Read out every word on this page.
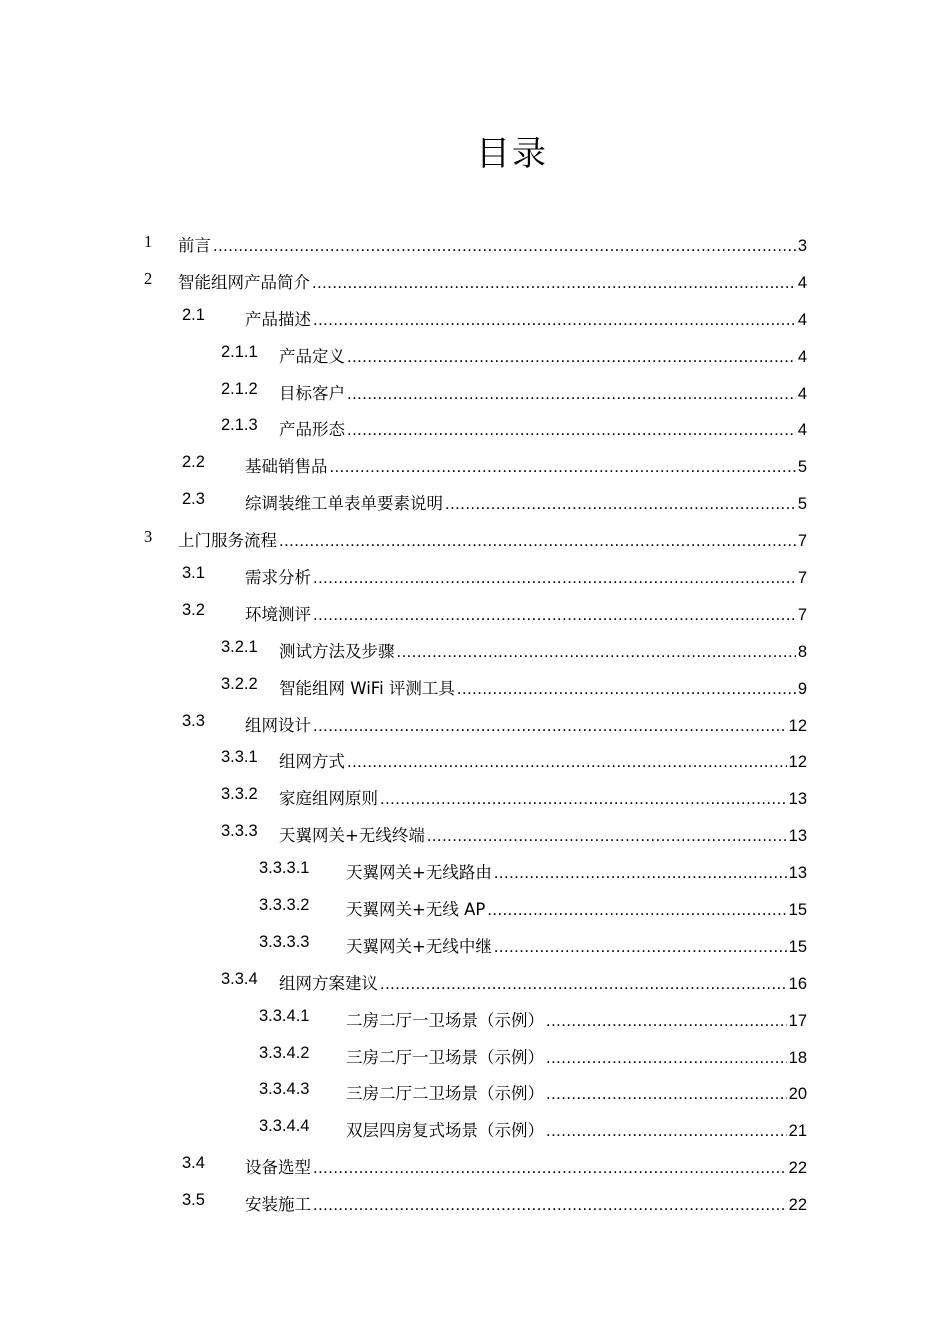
目录
1 前言 .....	3
2 智能组网产品简介 .....	4
2.1 产品描述 .....	4
2.1.1 产品定义 .....	4
2.1.2 目标客户 .....	4
2.1.3 产品形态 .....	4
2.2 基础销售品 .....	5
2.3 综调装维工单表单要素说明 .....	5
3 上门服务流程 .....	7
3.1 需求分析 .....	7
3.2 环境测评 .....	7
3.2.1 测试方法及步骤 .....	8
3.2.2 智能组网 WiFi 评测工具 .....	9
3.3 组网设计 .....	12
3.3.1 组网方式 .....	12
3.3.2 家庭组网原则 .....	13
3.3.3 天翼网关+无线终端 .....	13
3.3.3.1 天翼网关+无线路由 .....	13
3.3.3.2 天翼网关+无线 AP .....	15
3.3.3.3 天翼网关+无线中继 .....	15
3.3.4 组网方案建议 .....	16
3.3.4.1 二房二厅一卫场景（示例） .....	17
3.3.4.2 三房二厅一卫场景（示例） .....	18
3.3.4.3 三房二厅二卫场景（示例） .....	20
3.3.4.4 双层四房复式场景（示例） .....	21
3.4 设备选型 .....	22
3.5 安装施工 .....	22
